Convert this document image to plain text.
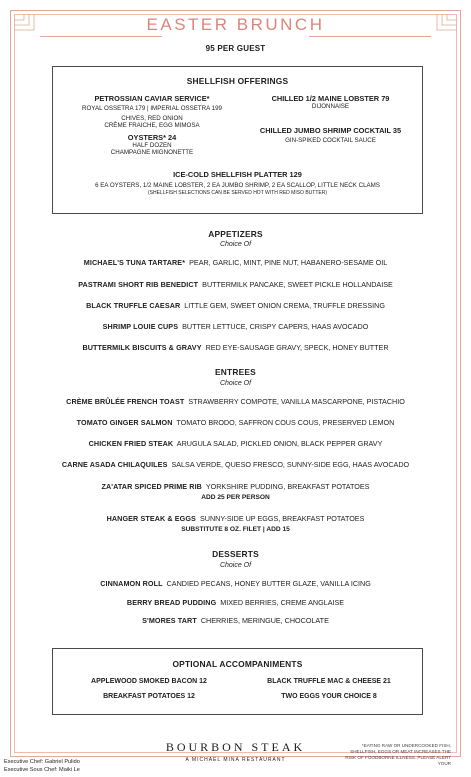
EASTER BRUNCH
95 PER GUEST
SHELLFISH OFFERINGS
PETROSSIAN CAVIAR SERVICE*
ROYAL OSSETRA 179 | IMPERIAL OSSETRA 199
CHIVES, RED ONION
CRÈME FRAICHE, EGG MIMOSA
OYSTERS* 24
HALF DOZEN
CHAMPAGNE MIGNONETTE
CHILLED 1/2 MAINE LOBSTER 79
DIJONNAISE
CHILLED JUMBO SHRIMP COCKTAIL 35
GIN-SPIKED COCKTAIL SAUCE
ICE-COLD SHELLFISH PLATTER 129
6 EA OYSTERS, 1/2 MAINE LOBSTER, 2 EA JUMBO SHRIMP, 2 EA SCALLOP, LITTLE NECK CLAMS
(SHELLFISH SELECTIONS CAN BE SERVED HOT WITH RED MISO BUTTER)
APPETIZERS
Choice Of
MICHAEL'S TUNA TARTARE* PEAR, GARLIC, MINT, PINE NUT, HABANERO-SESAME OIL
PASTRAMI SHORT RIB BENEDICT BUTTERMILK PANCAKE, SWEET PICKLE HOLLANDAISE
BLACK TRUFFLE CAESAR LITTLE GEM, SWEET ONION CREMA, TRUFFLE DRESSING
SHRIMP LOUIE CUPS BUTTER LETTUCE, CRISPY CAPERS, HAAS AVOCADO
BUTTERMILK BISCUITS & GRAVY RED EYE-SAUSAGE GRAVY, SPECK, HONEY BUTTER
ENTREES
Choice Of
CRÈME BRÛLÉE FRENCH TOAST STRAWBERRY COMPOTE, VANILLA MASCARPONE, PISTACHIO
TOMATO GINGER SALMON TOMATO BRODO, SAFFRON COUS COUS, PRESERVED LEMON
CHICKEN FRIED STEAK ARUGULA SALAD, PICKLED ONION, BLACK PEPPER GRAVY
CARNE ASADA CHILAQUILES SALSA VERDE, QUESO FRESCO, SUNNY-SIDE EGG, HAAS AVOCADO
ZA'ATAR SPICED PRIME RIB YORKSHIRE PUDDING, BREAKFAST POTATOES
ADD 25 PER PERSON
HANGER STEAK & EGGS SUNNY-SIDE UP EGGS, BREAKFAST POTATOES
SUBSTITUTE 8 OZ. FILET | ADD 15
DESSERTS
Choice Of
CINNAMON ROLL CANDIED PECANS, HONEY BUTTER GLAZE, VANILLA ICING
BERRY BREAD PUDDING MIXED BERRIES, CREME ANGLAISE
S'MORES TART CHERRIES, MERINGUE, CHOCOLATE
OPTIONAL ACCOMPANIMENTS
APPLEWOOD SMOKED BACON 12	BLACK TRUFFLE MAC & CHEESE 21
BREAKFAST POTATOES 12	TWO EGGS YOUR CHOICE 8
BOURBON STEAK
A MICHAEL MINA RESTAURANT
Executive Chef: Gabriel Pulido
Executive Sous Chef: Maiki Le
*EATING RAW OR UNDERCOOKED FISH, SHELLFISH, EGGS OR MEAT INCREASES THE RISK OF FOODBORNE ILLNESS. PLEASE ALERT YOUR
